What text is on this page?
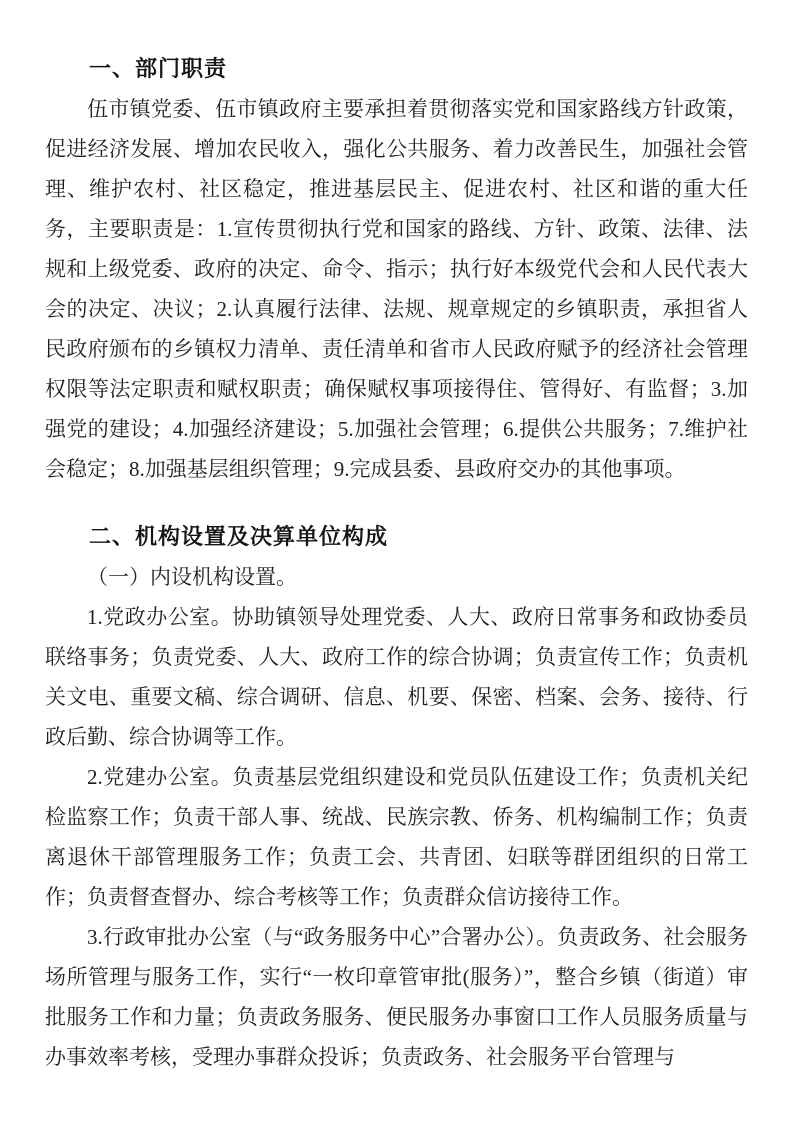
一、部门职责

伍市镇党委、伍市镇政府主要承担着贯彻落实党和国家路线方针政策，促进经济发展、增加农民收入，强化公共服务、着力改善民生，加强社会管理、维护农村、社区稳定，推进基层民主、促进农村、社区和谐的重大任务，主要职责是：1.宣传贯彻执行党和国家的路线、方针、政策、法律、法规和上级党委、政府的决定、命令、指示；执行好本级党代会和人民代表大会的决定、决议；2.认真履行法律、法规、规章规定的乡镇职责，承担省人民政府颁布的乡镇权力清单、责任清单和省市人民政府赋予的经济社会管理权限等法定职责和赋权职责；确保赋权事项接得住、管得好、有监督；3.加强党的建设；4.加强经济建设；5.加强社会管理；6.提供公共服务；7.维护社会稳定；8.加强基层组织管理；9.完成县委、县政府交办的其他事项。

二、机构设置及决算单位构成

（一）内设机构设置。

1.党政办公室。协助镇领导处理党委、人大、政府日常事务和政协委员联络事务；负责党委、人大、政府工作的综合协调；负责宣传工作；负责机关文电、重要文稿、综合调研、信息、机要、保密、档案、会务、接待、行政后勤、综合协调等工作。

2.党建办公室。负责基层党组织建设和党员队伍建设工作；负责机关纪检监察工作；负责干部人事、统战、民族宗教、侨务、机构编制工作；负责离退休干部管理服务工作；负责工会、共青团、妇联等群团组织的日常工作；负责督查督办、综合考核等工作；负责群众信访接待工作。

3.行政审批办公室（与“政务服务中心”合署办公）。负责政务、社会服务场所管理与服务工作，实行“一枚印章管审批(服务）”，整合乡镇（街道）审批服务工作和力量；负责政务服务、便民服务办事窗口工作人员服务质量与办事效率考核，受理办事群众投诉；负责政务、社会服务平台管理与
